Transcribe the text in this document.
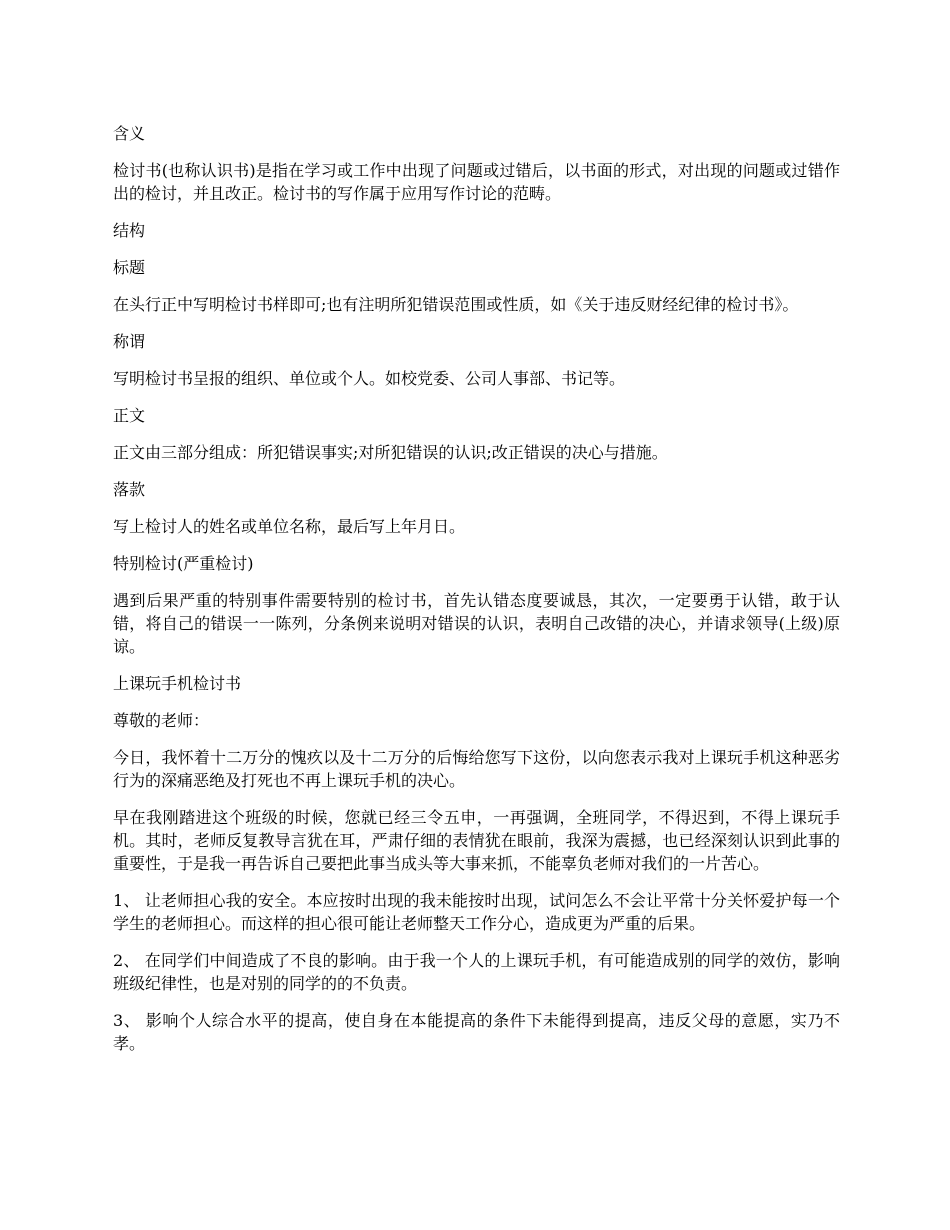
含义

检讨书(也称认识书)是指在学习或工作中出现了问题或过错后，以书面的形式，对出现的问题或过错作出的检讨，并且改正。检讨书的写作属于应用写作讨论的范畴。

结构

标题

在头行正中写明检讨书样即可;也有注明所犯错误范围或性质，如《关于违反财经纪律的检讨书》。

称谓

写明检讨书呈报的组织、单位或个人。如校党委、公司人事部、书记等。

正文

正文由三部分组成：所犯错误事实;对所犯错误的认识;改正错误的决心与措施。

落款

写上检讨人的姓名或单位名称，最后写上年月日。

特别检讨(严重检讨)

遇到后果严重的特别事件需要特别的检讨书，首先认错态度要诚恳，其次，一定要勇于认错，敢于认错，将自己的错误一一陈列，分条例来说明对错误的认识，表明自己改错的决心，并请求领导(上级)原谅。

上课玩手机检讨书

尊敬的老师：

今日，我怀着十二万分的愧疚以及十二万分的后悔给您写下这份，以向您表示我对上课玩手机这种恶劣行为的深痛恶绝及打死也不再上课玩手机的决心。

早在我刚踏进这个班级的时候，您就已经三令五申，一再强调，全班同学，不得迟到，不得上课玩手机。其时，老师反复教导言犹在耳，严肃仔细的表情犹在眼前，我深为震撼，也已经深刻认识到此事的重要性，于是我一再告诉自己要把此事当成头等大事来抓，不能辜负老师对我们的一片苦心。

1、 让老师担心我的安全。本应按时出现的我未能按时出现，试问怎么不会让平常十分关怀爱护每一个学生的老师担心。而这样的担心很可能让老师整天工作分心，造成更为严重的后果。

2、 在同学们中间造成了不良的影响。由于我一个人的上课玩手机，有可能造成别的同学的效仿，影响班级纪律性，也是对别的同学的的不负责。

3、 影响个人综合水平的提高，使自身在本能提高的条件下未能得到提高，违反父母的意愿，实乃不孝。
